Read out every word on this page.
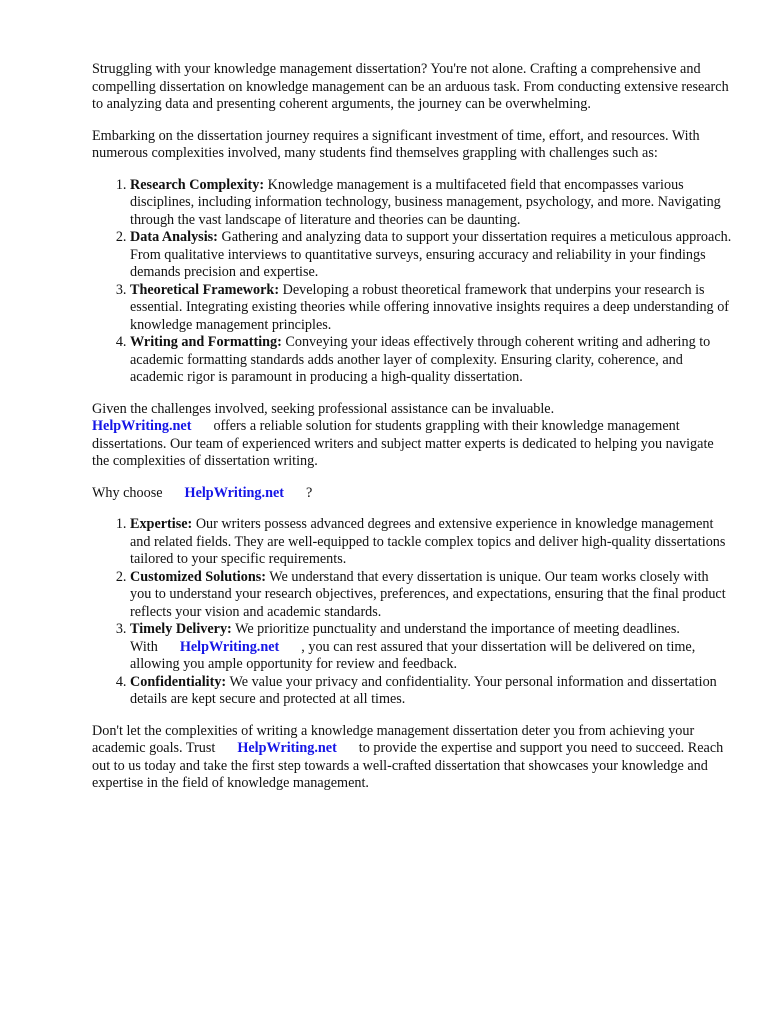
Struggling with your knowledge management dissertation? You're not alone. Crafting a comprehensive and compelling dissertation on knowledge management can be an arduous task. From conducting extensive research to analyzing data and presenting coherent arguments, the journey can be overwhelming.

Embarking on the dissertation journey requires a significant investment of time, effort, and resources. With numerous complexities involved, many students find themselves grappling with challenges such as:

1. Research Complexity: Knowledge management is a multifaceted field that encompasses various disciplines, including information technology, business management, psychology, and more. Navigating through the vast landscape of literature and theories can be daunting.
2. Data Analysis: Gathering and analyzing data to support your dissertation requires a meticulous approach. From qualitative interviews to quantitative surveys, ensuring accuracy and reliability in your findings demands precision and expertise.
3. Theoretical Framework: Developing a robust theoretical framework that underpins your research is essential. Integrating existing theories while offering innovative insights requires a deep understanding of knowledge management principles.
4. Writing and Formatting: Conveying your ideas effectively through coherent writing and adhering to academic formatting standards adds another layer of complexity. Ensuring clarity, coherence, and academic rigor is paramount in producing a high-quality dissertation.

Given the challenges involved, seeking professional assistance can be invaluable.
HelpWriting.net offers a reliable solution for students grappling with their knowledge management dissertations. Our team of experienced writers and subject matter experts is dedicated to helping you navigate the complexities of dissertation writing.

Why choose HelpWriting.net ?

1. Expertise: Our writers possess advanced degrees and extensive experience in knowledge management and related fields. They are well-equipped to tackle complex topics and deliver high-quality dissertations tailored to your specific requirements.
2. Customized Solutions: We understand that every dissertation is unique. Our team works closely with you to understand your research objectives, preferences, and expectations, ensuring that the final product reflects your vision and academic standards.
3. Timely Delivery: We prioritize punctuality and understand the importance of meeting deadlines. With HelpWriting.net , you can rest assured that your dissertation will be delivered on time, allowing you ample opportunity for review and feedback.
4. Confidentiality: We value your privacy and confidentiality. Your personal information and dissertation details are kept secure and protected at all times.

Don't let the complexities of writing a knowledge management dissertation deter you from achieving your academic goals. Trust HelpWriting.net to provide the expertise and support you need to succeed. Reach out to us today and take the first step towards a well-crafted dissertation that showcases your knowledge and expertise in the field of knowledge management.
